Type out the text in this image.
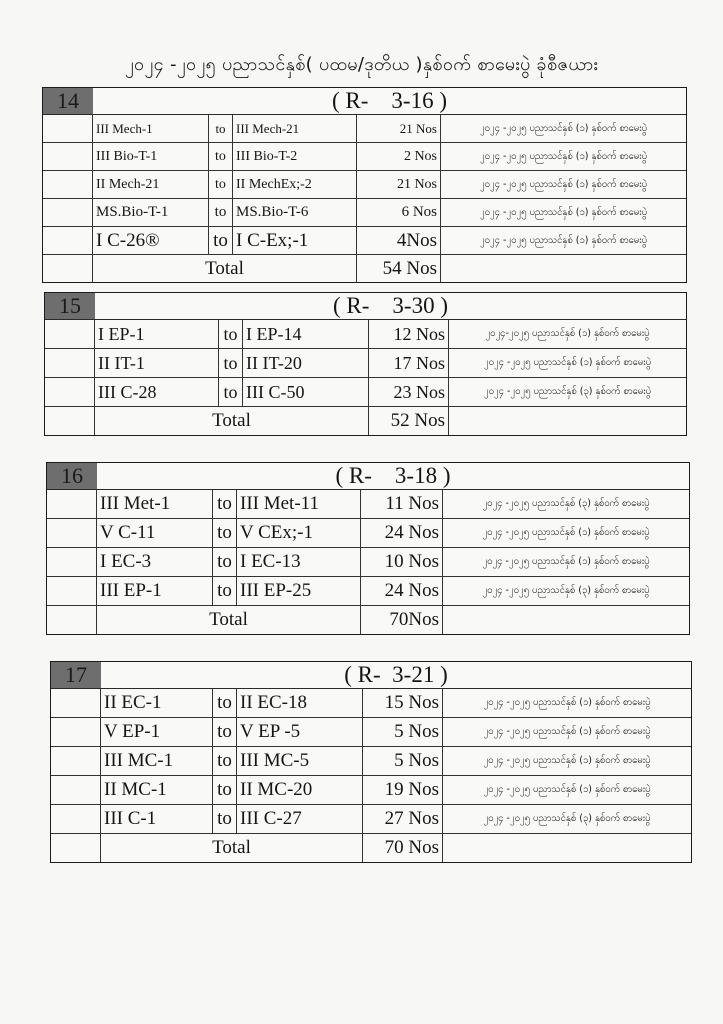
၂၀၂၄ -၂၀၂၅ ပညာသင်နှစ်( ပထမ/ဒုတိယ )နှစ်ဝက် စာမေးပွဲ ခုံစီဇယား
14	( R-    3-16 )
III Mech-1	to III Mech-21	21 Nos	၂၀၂၄ -၂၀၂၅ ပညာသင်နှစ် (၁) နှစ်ဝက် စာမေးပွဲ
III Bio-T-1	to III Bio-T-2	2 Nos	၂၀၂၄ -၂၀၂၅ ပညာသင်နှစ် (၁) နှစ်ဝက် စာမေးပွဲ
II Mech-21	to II MechEx;-2	21 Nos	၂၀၂၄ -၂၀၂၅ ပညာသင်နှစ် (၁) နှစ်ဝက် စာမေးပွဲ
MS.Bio-T-1	to MS.Bio-T-6	6 Nos	၂၀၂၄ -၂၀၂၅ ပညာသင်နှစ် (၁) နှစ်ဝက် စာမေးပွဲ
I C-26®	to I C-Ex;-1	4Nos	၂၀၂၄ -၂၀၂၅ ပညာသင်နှစ် (၁) နှစ်ဝက် စာမေးပွဲ
Total	54 Nos
15	( R-    3-30 )
I EP-1	to I EP-14	12 Nos	၂၀၂၄-၂၀၂၅ ပညာသင်နှစ် (၁) နှစ်ဝက် စာမေးပွဲ
II IT-1	to II IT-20	17 Nos	၂၀၂၄ -၂၀၂၅ ပညာသင်နှစ် (၁) နှစ်ဝက် စာမေးပွဲ
III C-28	to III C-50	23 Nos	၂၀၂၄ -၂၀၂၅ ပညာသင်နှစ် (၃) နှစ်ဝက် စာမေးပွဲ
Total	52 Nos
16	( R-    3-18 )
III Met-1	to III Met-11	11 Nos	၂၀၂၄ -၂၀၂၅ ပညာသင်နှစ် (၃) နှစ်ဝက် စာမေးပွဲ
V C-11	to V CEx;-1	24 Nos	၂၀၂၄ -၂၀၂၅ ပညာသင်နှစ် (၁) နှစ်ဝက် စာမေးပွဲ
I EC-3	to I EC-13	10 Nos	၂၀၂၄ -၂၀၂၅ ပညာသင်နှစ် (၁) နှစ်ဝက် စာမေးပွဲ
III EP-1	to III EP-25	24 Nos	၂၀၂၄ -၂၀၂၅ ပညာသင်နှစ် (၃) နှစ်ဝက် စာမေးပွဲ
Total	70Nos
17	( R-  3-21 )
II EC-1	to II EC-18	15 Nos	၂၀၂၄ -၂၀၂၅ ပညာသင်နှစ် (၁) နှစ်ဝက် စာမေးပွဲ
V EP-1	to V EP -5	5 Nos	၂၀၂၄ -၂၀၂၅ ပညာသင်နှစ် (၁) နှစ်ဝက် စာမေးပွဲ
III MC-1	to III MC-5	5 Nos	၂၀၂၄ -၂၀၂၅ ပညာသင်နှစ် (၁) နှစ်ဝက် စာမေးပွဲ
II MC-1	to II MC-20	19 Nos	၂၀၂၄ -၂၀၂၅ ပညာသင်နှစ် (၁) နှစ်ဝက် စာမေးပွဲ
III C-1	to III C-27	27 Nos	၂၀၂၄ -၂၀၂၅ ပညာသင်နှစ် (၃) နှစ်ဝက် စာမေးပွဲ
Total	70 Nos
